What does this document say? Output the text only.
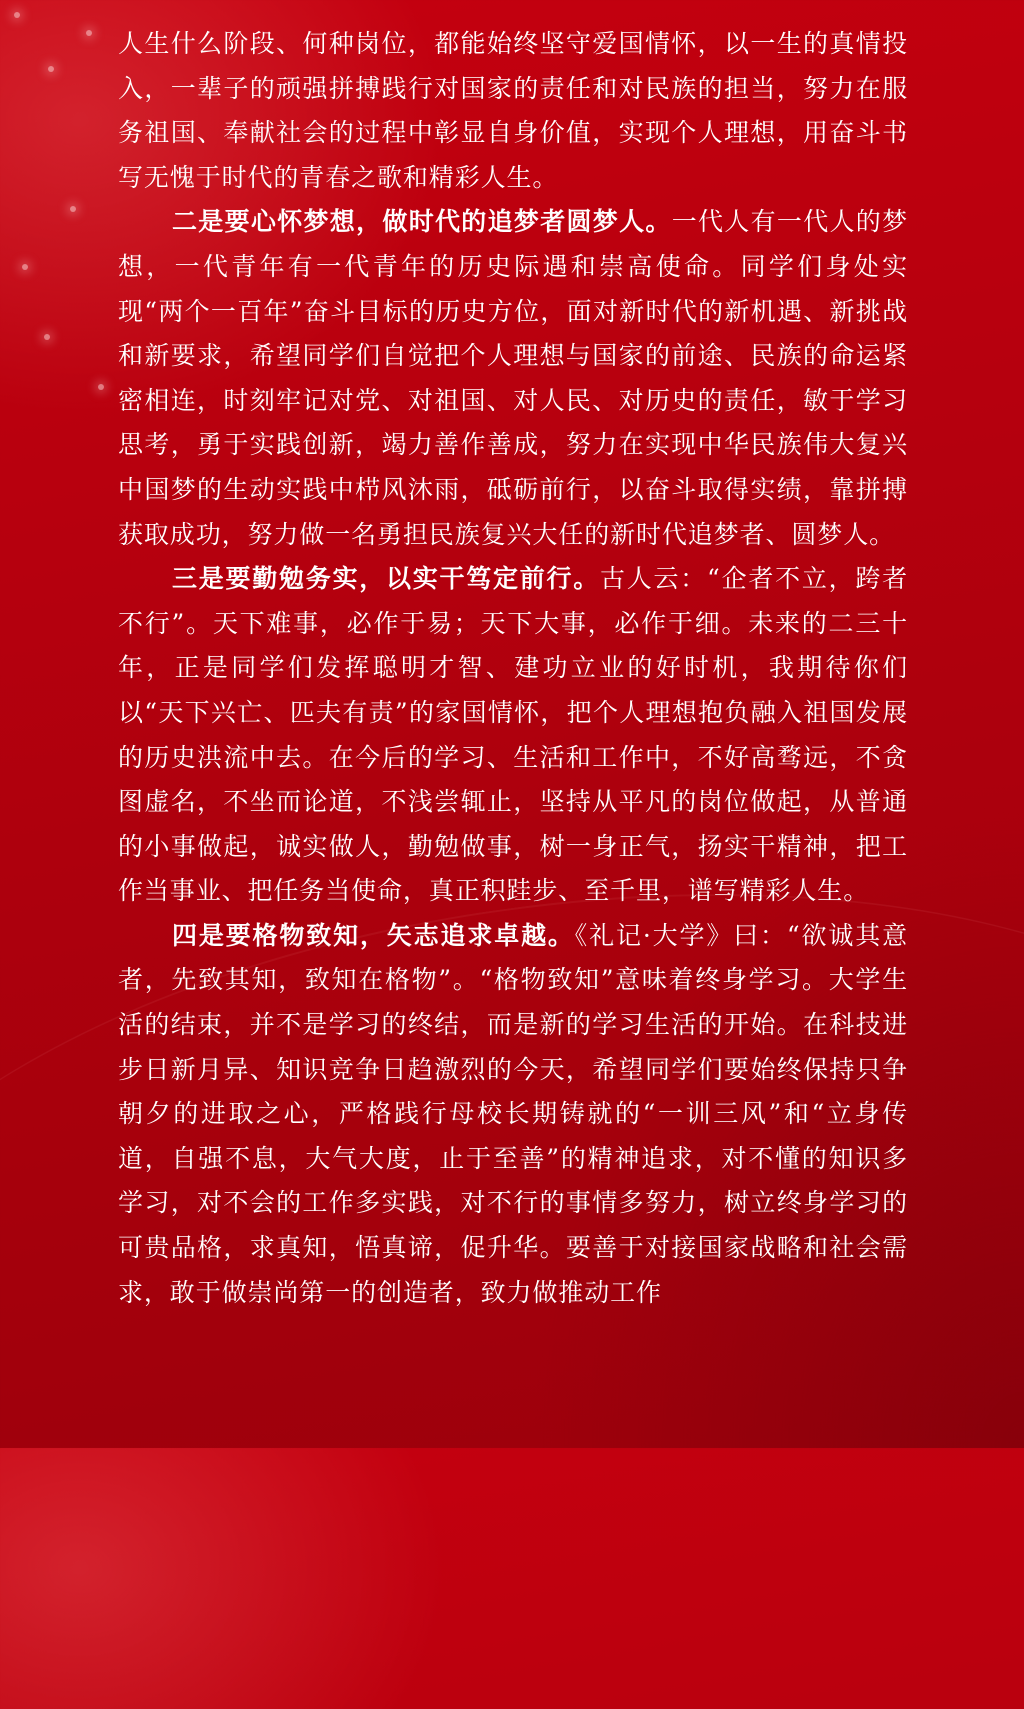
人生什么阶段、何种岗位，都能始终坚守爱国情怀，以一生的真情投入，一辈子的顽强拼搏践行对国家的责任和对民族的担当，努力在服务祖国、奉献社会的过程中彰显自身价值，实现个人理想，用奋斗书写无愧于时代的青春之歌和精彩人生。

二是要心怀梦想，做时代的追梦者圆梦人。一代人有一代人的梦想，一代青年有一代青年的历史际遇和崇高使命。同学们身处实现“两个一百年”奋斗目标的历史方位，面对新时代的新机遇、新挑战和新要求，希望同学们自觉把个人理想与国家的前途、民族的命运紧密相连，时刻牢记对党、对祖国、对人民、对历史的责任，敏于学习思考，勇于实践创新，竭力善作善成，努力在实现中华民族伟大复兴中国梦的生动实践中栉风沐雨，砥砺前行，以奋斗取得实绩，靠拼搏获取成功，努力做一名勇担民族复兴大任的新时代追梦者、圆梦人。

三是要勤勉务实，以实干笃定前行。古人云：“企者不立，跨者不行”。天下难事，必作于易；天下大事，必作于细。未来的二三十年，正是同学们发挥聪明才智、建功立业的好时机，我期待你们以“天下兴亡、匹夫有责”的家国情怀，把个人理想抱负融入祖国发展的历史洪流中去。在今后的学习、生活和工作中，不好高骛远，不贪图虚名，不坐而论道，不浅尝辄止，坚持从平凡的岗位做起，从普通的小事做起，诚实做人，勤勉做事，树一身正气，扬实干精神，把工作当事业、把任务当使命，真正积跬步、至千里，谱写精彩人生。

四是要格物致知，矢志追求卓越。《礼记·大学》曰：“欲诚其意者，先致其知，致知在格物”。“格物致知”意味着终身学习。大学生活的结束，并不是学习的终结，而是新的学习生活的开始。在科技进步日新月异、知识竞争日趋激烈的今天，希望同学们要始终保持只争朝夕的进取之心，严格践行母校长期铸就的“一训三风”和“立身传道，自强不息，大气大度，止于至善”的精神追求，对不懂的知识多学习，对不会的工作多实践，对不行的事情多努力，树立终身学习的可贵品格，求真知，悟真谛，促升华。要善于对接国家战略和社会需求，敢于做崇尚第一的创造者，致力做推动工作
